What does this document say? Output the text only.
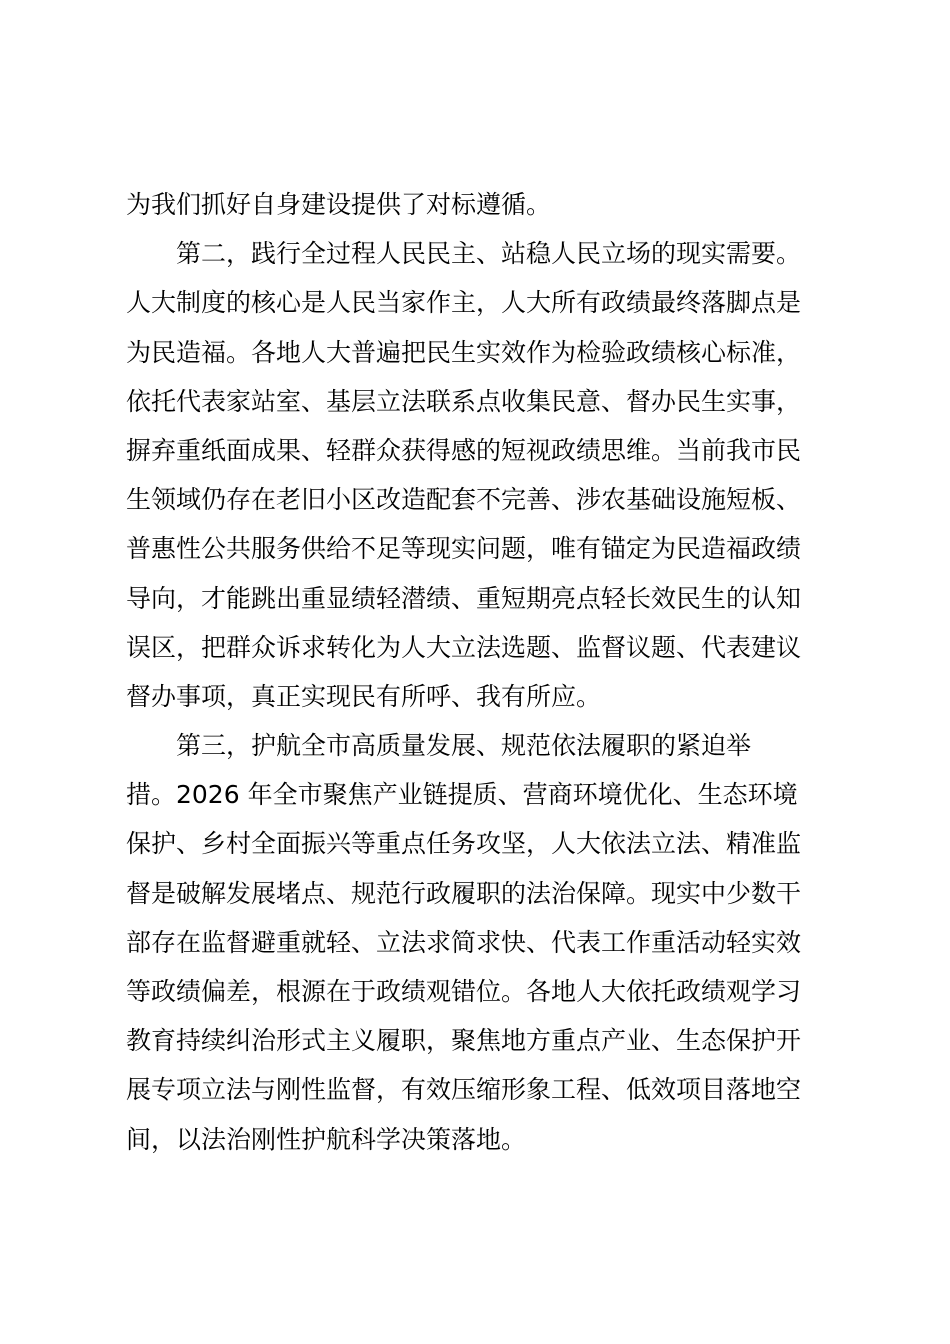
为我们抓好自身建设提供了对标遵循。
第二，践行全过程人民民主、站稳人民立场的现实需要。
人大制度的核心是人民当家作主，人大所有政绩最终落脚点是
为民造福。各地人大普遍把民生实效作为检验政绩核心标准，
依托代表家站室、基层立法联系点收集民意、督办民生实事，
摒弃重纸面成果、轻群众获得感的短视政绩思维。当前我市民
生领域仍存在老旧小区改造配套不完善、涉农基础设施短板、
普惠性公共服务供给不足等现实问题，唯有锚定为民造福政绩
导向，才能跳出重显绩轻潜绩、重短期亮点轻长效民生的认知
误区，把群众诉求转化为人大立法选题、监督议题、代表建议
督办事项，真正实现民有所呼、我有所应。
第三，护航全市高质量发展、规范依法履职的紧迫举
措。2026 年全市聚焦产业链提质、营商环境优化、生态环境
保护、乡村全面振兴等重点任务攻坚，人大依法立法、精准监
督是破解发展堵点、规范行政履职的法治保障。现实中少数干
部存在监督避重就轻、立法求简求快、代表工作重活动轻实效
等政绩偏差，根源在于政绩观错位。各地人大依托政绩观学习
教育持续纠治形式主义履职，聚焦地方重点产业、生态保护开
展专项立法与刚性监督，有效压缩形象工程、低效项目落地空
间，以法治刚性护航科学决策落地。
